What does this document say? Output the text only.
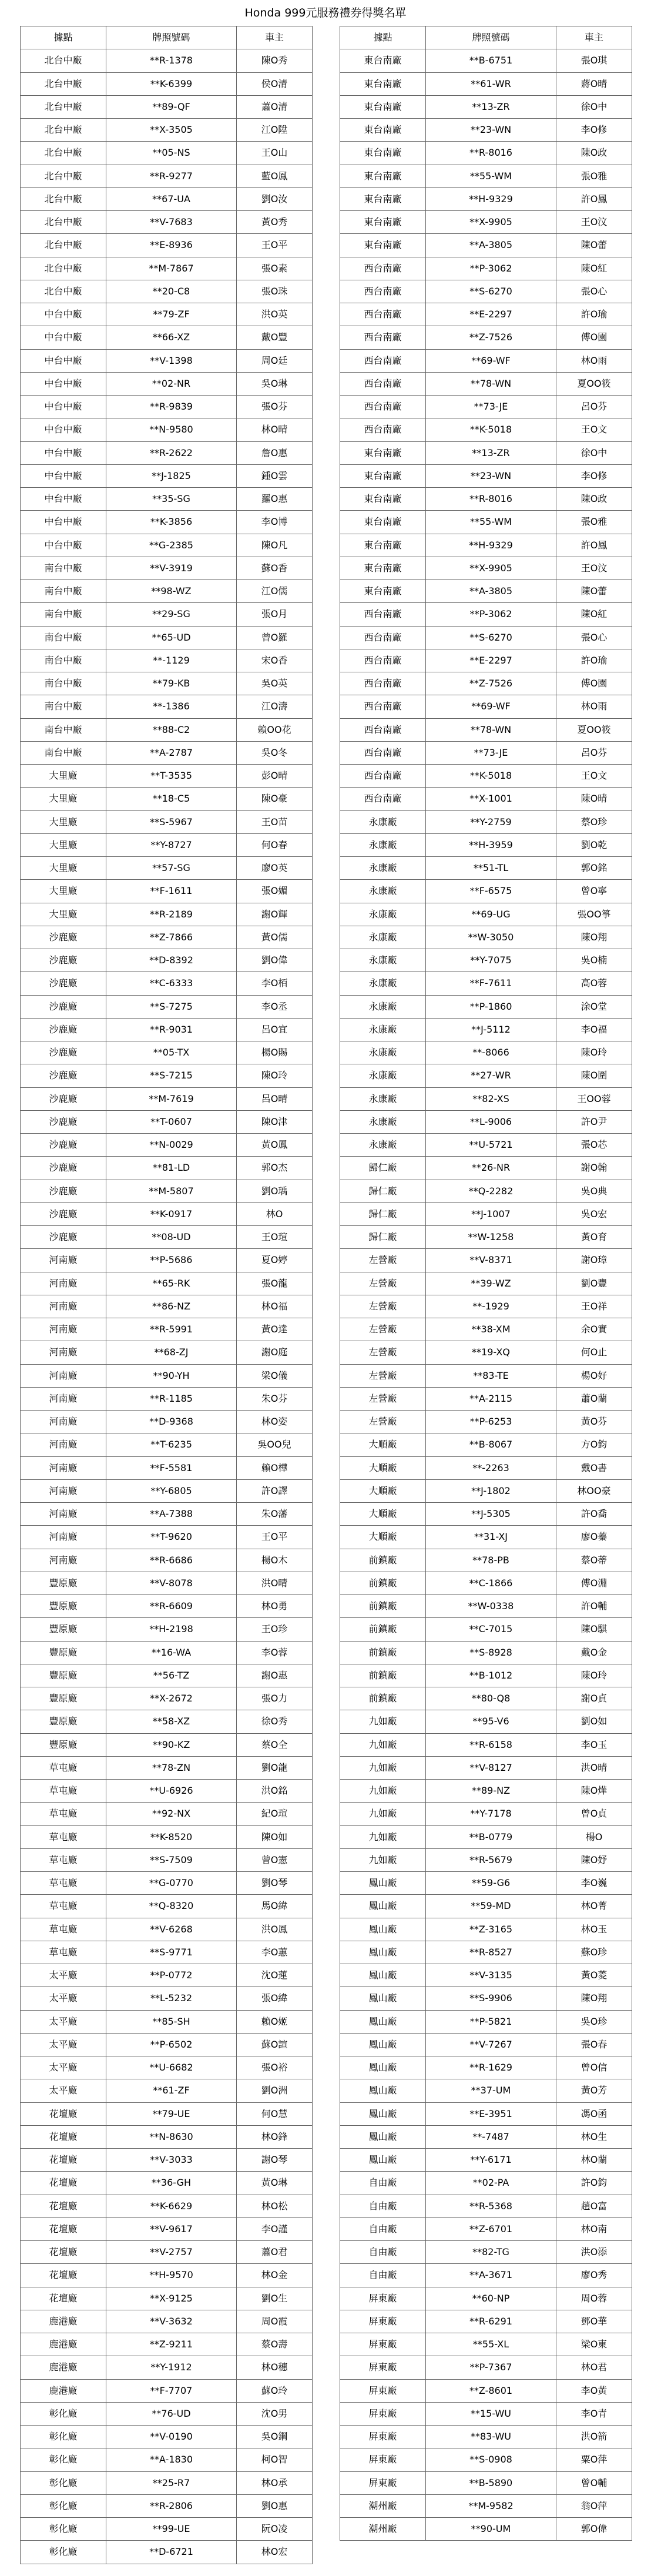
Honda 999元服務禮券得獎名單
據點	牌照號碼	車主
北台中廠	**R-1378	陳O秀
北台中廠	**K-6399	侯O清
北台中廠	**89-QF	蕭O清
北台中廠	**X-3505	江O陞
北台中廠	**05-NS	王O山
北台中廠	**R-9277	藍O鳳
北台中廠	**67-UA	劉O汝
北台中廠	**V-7683	黃O秀
北台中廠	**E-8936	王O平
北台中廠	**M-7867	張O素
北台中廠	**20-C8	張O珠
中台中廠	**79-ZF	洪O英
中台中廠	**66-XZ	戴O豐
中台中廠	**V-1398	周O廷
中台中廠	**02-NR	吳O琳
中台中廠	**R-9839	張O芬
中台中廠	**N-9580	林O晴
中台中廠	**R-2622	詹O惠
中台中廠	**J-1825	鍾O雲
中台中廠	**35-SG	羅O惠
中台中廠	**K-3856	李O博
中台中廠	**G-2385	陳O凡
南台中廠	**V-3919	蘇O香
南台中廠	**98-WZ	江O儒
南台中廠	**29-SG	張O月
南台中廠	**65-UD	曾O羅
南台中廠	**-1129	宋O香
南台中廠	**79-KB	吳O英
南台中廠	**-1386	江O濤
南台中廠	**88-C2	賴OO花
南台中廠	**A-2787	吳O冬
大里廠	**T-3535	彭O晴
大里廠	**18-C5	陳O豪
大里廠	**S-5967	王O苗
大里廠	**Y-8727	何O春
大里廠	**57-SG	廖O英
大里廠	**F-1611	張O媚
大里廠	**R-2189	謝O輝
沙鹿廠	**Z-7866	黃O儒
沙鹿廠	**D-8392	劉O偉
沙鹿廠	**C-6333	李O栢
沙鹿廠	**S-7275	李O丞
沙鹿廠	**R-9031	呂O宜
沙鹿廠	**05-TX	楊O賜
沙鹿廠	**S-7215	陳O玲
沙鹿廠	**M-7619	呂O晴
沙鹿廠	**T-0607	陳O津
沙鹿廠	**N-0029	黃O鳳
沙鹿廠	**81-LD	郭O杰
沙鹿廠	**M-5807	劉O瑀
沙鹿廠	**K-0917	林O
沙鹿廠	**08-UD	王O瑄
河南廠	**P-5686	夏O婷
河南廠	**65-RK	張O龍
河南廠	**86-NZ	林O福
河南廠	**R-5991	黃O達
河南廠	**68-ZJ	謝O庭
河南廠	**90-YH	梁O儀
河南廠	**R-1185	朱O芬
河南廠	**D-9368	林O姿
河南廠	**T-6235	吳OO兒
河南廠	**F-5581	賴O樺
河南廠	**Y-6805	許O譯
河南廠	**A-7388	朱O藩
河南廠	**T-9620	王O平
河南廠	**R-6686	楊O木
豐原廠	**V-8078	洪O晴
豐原廠	**R-6609	林O勇
豐原廠	**H-2198	王O珍
豐原廠	**16-WA	李O蓉
豐原廠	**56-TZ	謝O惠
豐原廠	**X-2672	張O力
豐原廠	**58-XZ	徐O秀
豐原廠	**90-KZ	蔡O全
草屯廠	**78-ZN	劉O龍
草屯廠	**U-6926	洪O銘
草屯廠	**92-NX	紀O瑄
草屯廠	**K-8520	陳O如
草屯廠	**S-7509	曾O憲
草屯廠	**G-0770	劉O琴
草屯廠	**Q-8320	馬O緯
草屯廠	**V-6268	洪O鳳
草屯廠	**S-9771	李O蕙
太平廠	**P-0772	沈O蓮
太平廠	**L-5232	張O緯
太平廠	**85-SH	賴O姬
太平廠	**P-6502	蘇O諠
太平廠	**U-6682	張O裕
太平廠	**61-ZF	劉O洲
花壇廠	**79-UE	何O慧
花壇廠	**N-8630	林O鋒
花壇廠	**V-3033	謝O琴
花壇廠	**36-GH	黃O琳
花壇廠	**K-6629	林O松
花壇廠	**V-9617	李O謹
花壇廠	**V-2757	蕭O君
花壇廠	**H-9570	林O金
花壇廠	**X-9125	劉O生
鹿港廠	**V-3632	周O霞
鹿港廠	**Z-9211	蔡O壽
鹿港廠	**Y-1912	林O穗
鹿港廠	**F-7707	蘇O玲
彰化廠	**76-UD	沈O男
彰化廠	**V-0190	吳O鋼
彰化廠	**A-1830	柯O智
彰化廠	**25-R7	林O承
彰化廠	**R-2806	劉O惠
彰化廠	**99-UE	阮O凌
彰化廠	**D-6721	林O宏
據點	牌照號碼	車主
東台南廠	**B-6751	張O琪
東台南廠	**61-WR	蔣O晴
東台南廠	**13-ZR	徐O中
東台南廠	**23-WN	李O修
東台南廠	**R-8016	陳O政
東台南廠	**55-WM	張O雅
東台南廠	**H-9329	許O鳳
東台南廠	**X-9905	王O汶
東台南廠	**A-3805	陳O蕾
西台南廠	**P-3062	陳O紅
西台南廠	**S-6270	張O心
西台南廠	**E-2297	許O瑜
西台南廠	**Z-7526	傅O園
西台南廠	**69-WF	林O雨
西台南廠	**78-WN	夏OO筱
西台南廠	**73-JE	呂O芬
西台南廠	**K-5018	王O文
東台南廠	**13-ZR	徐O中
東台南廠	**23-WN	李O修
東台南廠	**R-8016	陳O政
東台南廠	**55-WM	張O雅
東台南廠	**H-9329	許O鳳
東台南廠	**X-9905	王O汶
東台南廠	**A-3805	陳O蕾
西台南廠	**P-3062	陳O紅
西台南廠	**S-6270	張O心
西台南廠	**E-2297	許O瑜
西台南廠	**Z-7526	傅O園
西台南廠	**69-WF	林O雨
西台南廠	**78-WN	夏OO筱
西台南廠	**73-JE	呂O芬
西台南廠	**K-5018	王O文
西台南廠	**X-1001	陳O晴
永康廠	**Y-2759	蔡O珍
永康廠	**H-3959	劉O乾
永康廠	**51-TL	郭O銘
永康廠	**F-6575	曾O寧
永康廠	**69-UG	張OO箏
永康廠	**W-3050	陳O翔
永康廠	**Y-7075	吳O楠
永康廠	**F-7611	高O蓉
永康廠	**P-1860	涂O堂
永康廠	**J-5112	李O福
永康廠	**-8066	陳O玲
永康廠	**27-WR	陳O圍
永康廠	**82-XS	王OO蓉
永康廠	**L-9006	許O尹
永康廠	**U-5721	張O芯
歸仁廠	**26-NR	謝O翰
歸仁廠	**Q-2282	吳O典
歸仁廠	**J-1007	吳O宏
歸仁廠	**W-1258	黃O育
左營廠	**V-8371	謝O璋
左營廠	**39-WZ	劉O豐
左營廠	**-1929	王O祥
左營廠	**38-XM	余O實
左營廠	**19-XQ	何O止
左營廠	**83-TE	楊O好
左營廠	**A-2115	蕭O蘭
左營廠	**P-6253	黃O芬
大順廠	**B-8067	方O鈞
大順廠	**-2263	戴O書
大順廠	**J-1802	林OO豪
大順廠	**J-5305	許O喬
大順廠	**31-XJ	廖O蓁
前鎮廠	**78-PB	蔡O蒂
前鎮廠	**C-1866	傅O淵
前鎮廠	**W-0338	許O輔
前鎮廠	**C-7015	陳O騏
前鎮廠	**S-8928	戴O金
前鎮廠	**B-1012	陳O玲
前鎮廠	**80-Q8	謝O貞
九如廠	**95-V6	劉O如
九如廠	**R-6158	李O玉
九如廠	**V-8127	洪O晴
九如廠	**89-NZ	陳O燁
九如廠	**Y-7178	曾O貞
九如廠	**B-0779	楊O
九如廠	**R-5679	陳O妤
鳳山廠	**59-G6	李O巍
鳳山廠	**59-MD	林O菁
鳳山廠	**Z-3165	林O玉
鳳山廠	**R-8527	蘇O珍
鳳山廠	**V-3135	黃O菱
鳳山廠	**S-9906	陳O翔
鳳山廠	**P-5821	吳O珍
鳳山廠	**V-7267	張O春
鳳山廠	**R-1629	曾O信
鳳山廠	**37-UM	黃O芳
鳳山廠	**E-3951	馮O函
鳳山廠	**-7487	林O生
鳳山廠	**Y-6171	林O蘭
自由廠	**02-PA	許O鈞
自由廠	**R-5368	趙O富
自由廠	**Z-6701	林O南
自由廠	**82-TG	洪O添
自由廠	**A-3671	廖O秀
屏東廠	**60-NP	周O蓉
屏東廠	**R-6291	鄧O華
屏東廠	**55-XL	梁O東
屏東廠	**P-7367	林O君
屏東廠	**Z-8601	李O黃
屏東廠	**15-WU	李O青
屏東廠	**83-WU	洪O箭
屏東廠	**S-0908	粟O萍
屏東廠	**B-5890	曾O輔
潮州廠	**M-9582	翁O萍
潮州廠	**90-UM	郭O偉
